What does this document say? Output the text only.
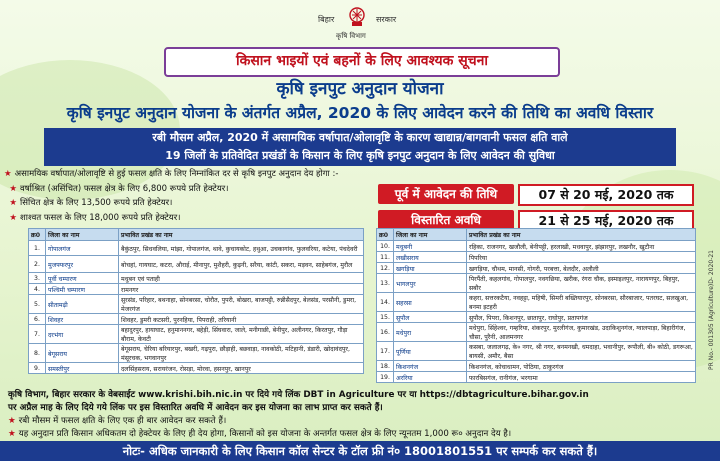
बिहार	सरकार
कृषि विभाग
किसान भाइयों एवं बहनों के लिए आवश्यक सूचना
कृषि इनपुट अनुदान योजना
कृषि इनपुट अनुदान योजना के अंतर्गत अप्रैल, 2020 के लिए आवेदन करने की तिथि का अवधि विस्तार
रबी मौसम अप्रैल, 2020 में असामयिक वर्षापात/ओलावृष्टि के कारण खाद्यान्न/बागवानी फसल क्षति वाले
19 जिलों के प्रतिवेदित प्रखंडों के किसान के लिए कृषि इनपुट अनुदान के लिए आवेदन की सुविधा
★ असामयिक वर्षापात/ओलावृष्टि से हुई फसल क्षति के लिए निम्नांकित दर से कृषि इनपुट अनुदान देय होगा :-
★ वर्षाश्रित (असिंचित) फसल क्षेत्र के लिए 6,800 रूपये प्रति हेक्टेयर।
★ सिंचित क्षेत्र के लिए 13,500 रूपये प्रति हेक्टेयर।
★ शाश्वत फसल के लिए 18,000 रूपये प्रति हेक्टेयर।
पूर्व में आवेदन की तिथि	07 से 20 मई, 2020 तक
विस्तारित अवधि	21 से 25 मई, 2020 तक
क्र0	जिला का नाम	प्रभावित प्रखंड का नाम
1.	गोपालगंज	बैकुंठपुर, सिधवलिया, मांझा, गोपालगंज, थावे, कुचायकोट, हथुआ, उचकागांव, फुलवरिया, कटेया, पंचदेवरी
2.	मुजफ्फरपुर	बोचहां, गायघाट, कटरा, औराई, मीनापुर, मुशैहरी, कुढ़नी, सरैया, कांटी, सकरा, मड़वन, साहेबगंज, मुरौल
3.	पूर्वी चम्पारण	मधुबन एवं पताही
4.	पश्चिमी चम्पारण	रामनगर
5.	सीतामढ़ी	सुरसंड, परिहार, बथनाहा, सोनबरसा, चोरौत, पुपरी, बोखरा, बाजपट्टी, रुन्नीसैदपुर, बेलसंड, परसौनी, डुमरा, मेजरगंज
6.	शिवहर	शिवहर, डुमरी कटसरी, पुरनहिया, पिपराही, तरियानी
7.	दरभंगा	बहादुरपुर, हायाघाट, हनुमाननगर, बहेड़ी, सिंघवारा, जाले, मनीगाछी, बेनीपुर, अलीनगर, किरतपुर, गौड़ा बौराम, केवटी
8.	बेगूसराय	बेगूसराय, चेरिया बरियारपुर, बखरी, गढ़पुरा, छौड़ाही, बछवाड़ा, नावकोठी, मटिहानी, डंडारी, खोदावंदपुर, मंसूरचक, भगवानपुर
9.	समस्तीपुर	दलसिंहसराय, सरायरंजन, रोसड़ा, मोरवा, हसनपुर, खानपुर
क्र0	जिला का नाम	प्रभावित प्रखंड का नाम
10.	मधुबनी	रहिका, राजनगर, खजौली, बेनीपट्टी, हरलाखी, मधवापुर, झंझारपुर, लखनौर, खुटौना
11.	लखीसराय	पिपरिया
12.	खगड़िया	खगड़िया, चौथम, मानसी, गोगरी, परबत्ता, बेलदौर, अलौली
13.	भागलपुर	पिरपैंती, कहलगांव, गोपालपुर, नवगछिया, खरीक, रंगरा चौक, इस्माइलपुर, नारायणपुर, बिहपुर, सबौर
14.	सहरसा	कहरा, सत्तरकटैया, नवहट्टा, महिषी, सिमरी बख्तियारपुर, सोनबरसा, सौरबाजार, पतरघट, सलखुआ, बनमा इटहरी
15.	सुपौल	सुपौल, पिपरा, किशनपुर, छातापुर, राघोपुर, प्रतापगंज
16.	मधेपुरा	मधेपुरा, सिंहेश्वर, गम्हरिया, शंकरपुर, मुरलीगंज, कुमारखंड, उदाकिशुनगंज, ग्वालपाड़ा, बिहारीगंज, चौसा, पुरैनी, आलमनगर
17.	पूर्णिया	कसबा, जलालगढ़, के० नगर, श्री नगर, बनमनखी, धमदाहा, भवानीपुर, रूपौली, बी० कोठी, डगरूआ, बायसी, अमौर, बैसा
18.	किशनगंज	किशनगंज, कोचाधामन, पोठिया, ठाकुरगंज
19.	अररिया	फारबिसगंज, रानीगंज, भरगामा
PR No.- 001305 (Agriculture)D- 2020-21
कृषि विभाग, बिहार सरकार के वेबसाईट www.krishi.bih.nic.in पर दिये गये लिंक DBT in Agriculture पर या https://dbtagriculture.bihar.gov.in
पर अप्रैल माह के लिए दिये गये लिंक पर इस विस्तारित अवधि में आवेदन कर इस योजना का लाभ प्राप्त कर सकते हैं।
★ रबी मौसम में फसल क्षति के लिए एक ही बार आवेदन कर सकते हैं।
★ यह अनुदान प्रति किसान अधिकतम दो हेक्टेयर के लिए ही देय होगा, किसानों को इस योजना के अन्तर्गत फसल क्षेत्र के लिए न्यूनतम 1,000 रू० अनुदान देय है।
नोटः- अधिक जानकारी के लिए किसान कॉल सेन्टर के टॉल फ्री नं० 18001801551 पर सम्पर्क कर सकते हैं।
